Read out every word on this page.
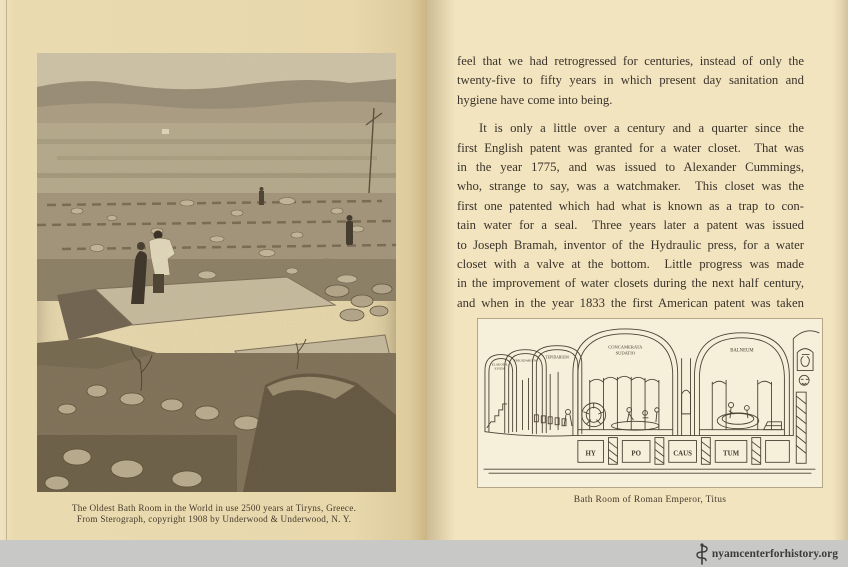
The Oldest Bath Room in the World in use 2500 years at Tiryns, Greece.
From Sterograph, copyright 1908 by Underwood & Underwood, N. Y.
feel that we had retrogressed for centuries, instead of only the
twenty-five to fifty years in which present day sanitation and
hygiene have come into being.
It is only a little over a century and a quarter since the
first English patent was granted for a water closet.  That was
in the year 1775, and was issued to Alexander Cummings,
who, strange to say, was a watchmaker.  This closet was the
first one patented which had what is known as a trap to con-
tain water for a seal.  Three years later a patent was issued
to Joseph Bramah, inventor of the Hydraulic press, for a water
closet with a valve at the bottom.  Little progress was made
in the improvement of water closets during the next half century,
and when in the year 1833 the first American patent was taken
ELAEOTH.
ESIUM
FRIGIDARIUM
TEPIDARIUM
CONCAMERATA
SUDATIO	BALNEUM
HY	PO	CAUS	TUM
Bath Room of Roman Emperor, Titus
nyamcenterforhistory.org
